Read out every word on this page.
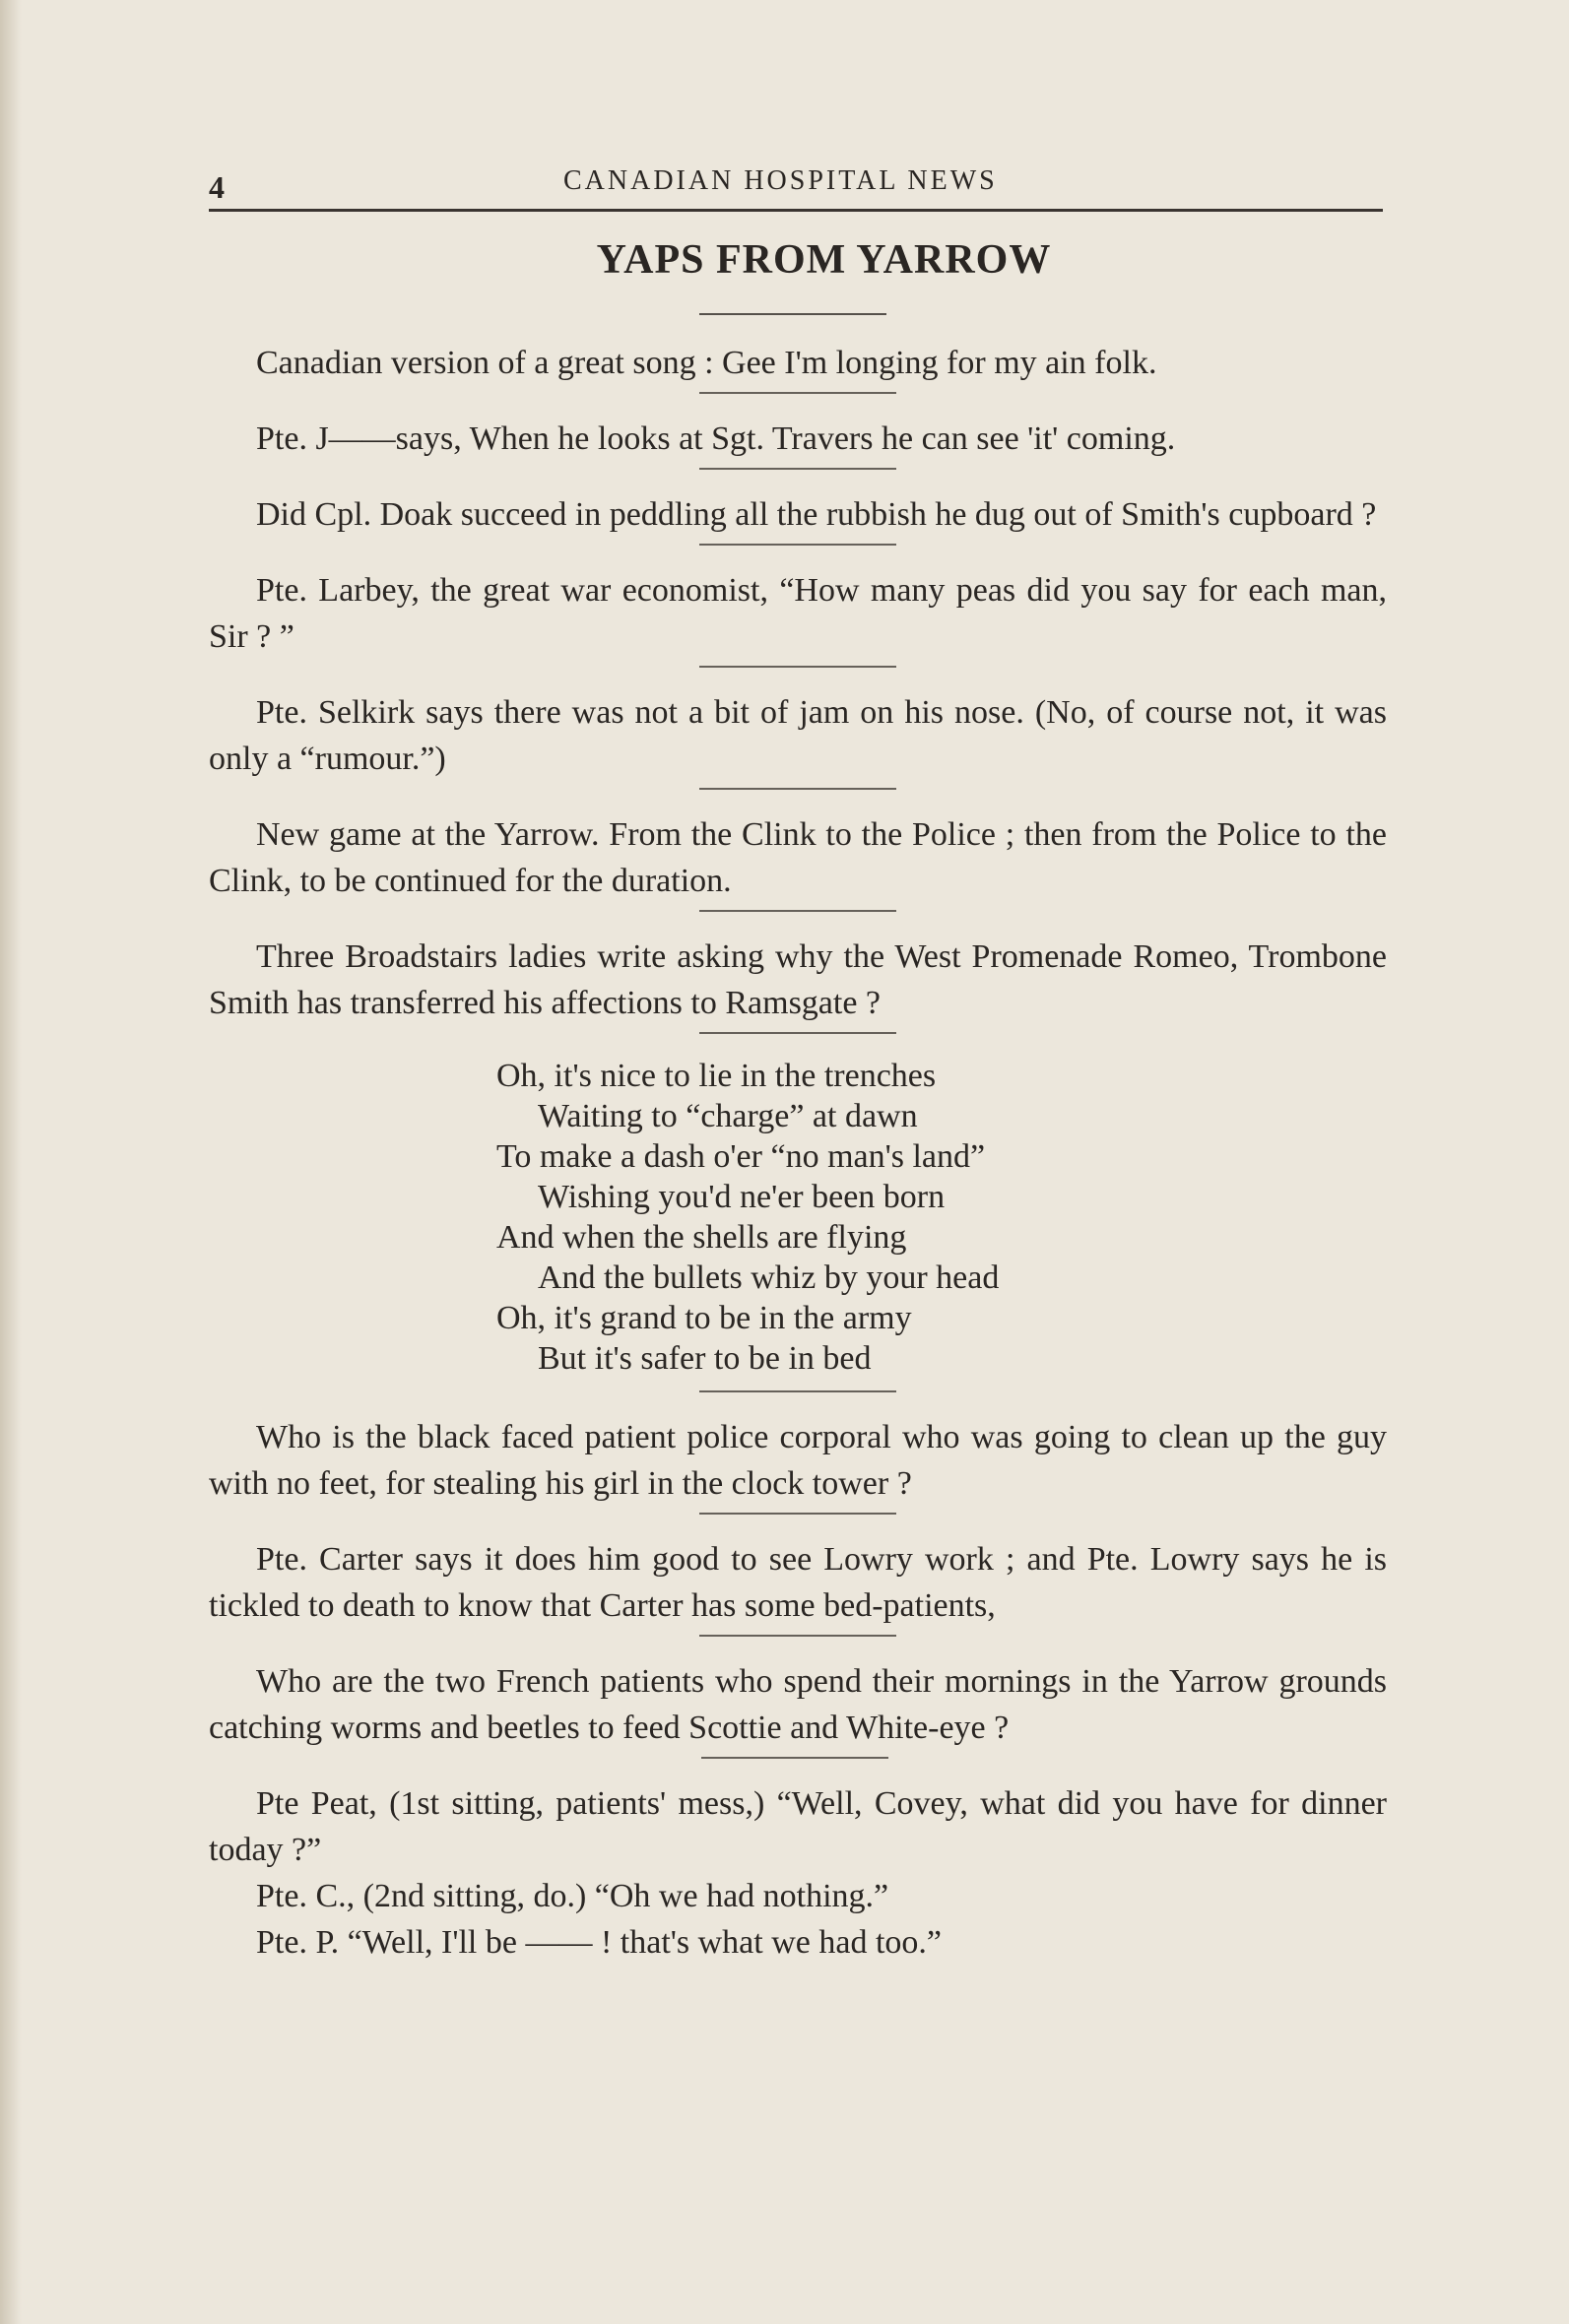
4	CANADIAN HOSPITAL NEWS
YAPS FROM YARROW

Canadian version of a great song : Gee I'm longing for my ain folk.

Pte. J——says, When he looks at Sgt. Travers he can see 'it' coming.

Did Cpl. Doak succeed in peddling all the rubbish he dug out of Smith's cupboard ?

Pte. Larbey, the great war economist, “How many peas did you say for each man, Sir ? ”

Pte. Selkirk says there was not a bit of jam on his nose. (No, of course not, it was only a “rumour.”)

New game at the Yarrow. From the Clink to the Police ; then from the Police to the Clink, to be continued for the duration.

Three Broadstairs ladies write asking why the West Promenade Romeo, Trombone Smith has transferred his affections to Ramsgate ?

Oh, it's nice to lie in the trenches
Waiting to “charge” at dawn
To make a dash o'er “no man's land”
Wishing you'd ne'er been born
And when the shells are flying
And the bullets whiz by your head
Oh, it's grand to be in the army
But it's safer to be in bed

Who is the black faced patient police corporal who was going to clean up the guy with no feet, for stealing his girl in the clock tower ?

Pte. Carter says it does him good to see Lowry work ; and Pte. Lowry says he is tickled to death to know that Carter has some bed-patients,

Who are the two French patients who spend their mornings in the Yarrow grounds catching worms and beetles to feed Scottie and White-eye ?

Pte Peat, (1st sitting, patients' mess,) “Well, Covey, what did you have for dinner today ?”

Pte. C., (2nd sitting, do.) “Oh we had nothing.”

Pte. P. “Well, I'll be —— ! that's what we had too.”
